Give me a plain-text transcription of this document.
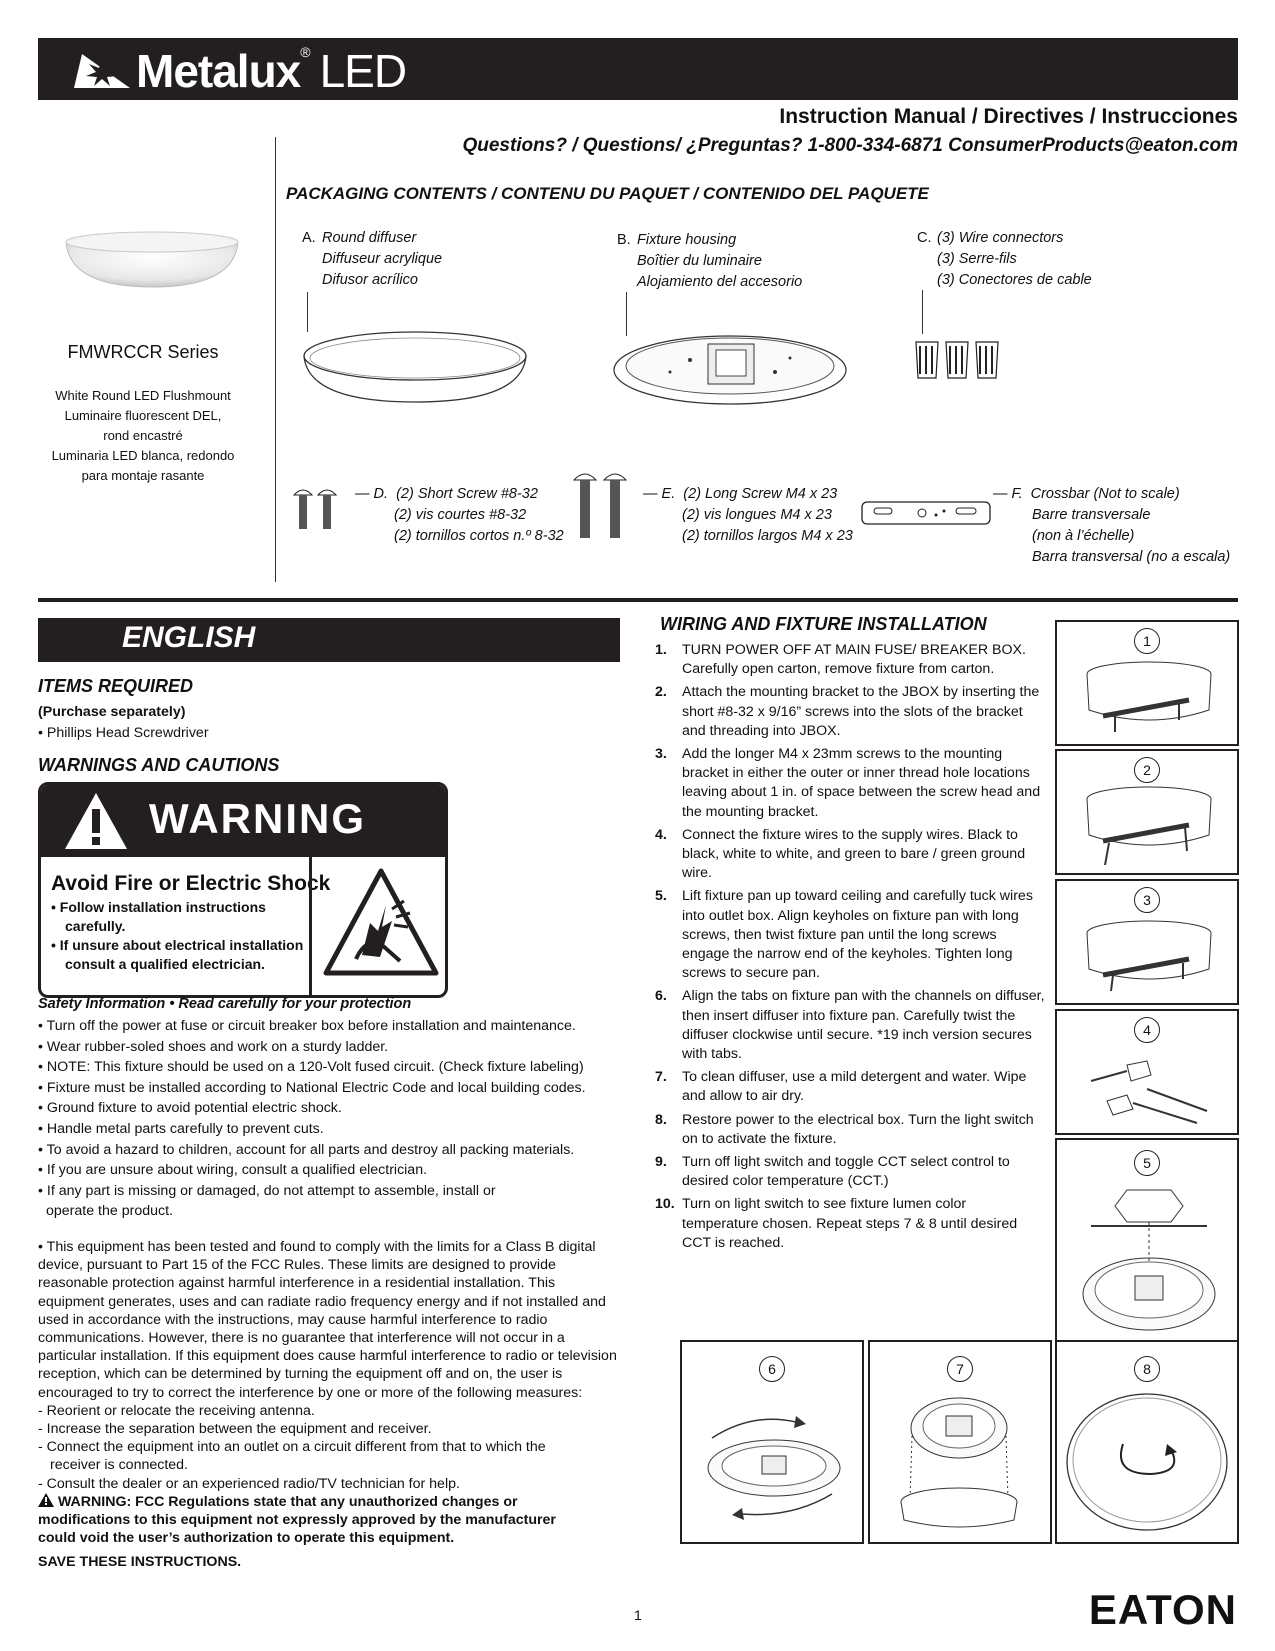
Metalux® LED
Instruction Manual / Directives / Instrucciones
Questions? / Questions/ ¿Preguntas? 1-800-334-6871 ConsumerProducts@eaton.com
FMWRCCR Series
White Round LED Flushmount
Luminaire fluorescent DEL,
rond encastré
Luminaria LED blanca, redondo
para montaje rasante
PACKAGING CONTENTS / CONTENU DU PAQUET / CONTENIDO DEL PAQUETE
A. Round diffuser
Diffuseur acrylique
Difusor acrílico
B. Fixture housing
Boîtier du luminaire
Alojamiento del accesorio
C. (3) Wire connectors
(3) Serre-fils
(3) Conectores de cable
— D. (2) Short Screw #8-32
(2) vis courtes #8-32
(2) tornillos cortos n.º 8-32
— E. (2) Long Screw M4 x 23
(2) vis longues M4 x 23
(2) tornillos largos M4 x 23
— F. Crossbar (Not to scale)
Barre transversale
(non à l’échelle)
Barra transversal (no a escala)
ENGLISH
ITEMS REQUIRED
(Purchase separately)
• Phillips Head Screwdriver
WARNINGS AND CAUTIONS
WARNING
Avoid Fire or Electric Shock
• Follow installation instructions
carefully.
• If unsure about electrical installation
consult a qualified electrician.
Safety Information • Read carefully for your protection
• Turn off the power at fuse or circuit breaker box before installation and maintenance.
• Wear rubber-soled shoes and work on a sturdy ladder.
• NOTE: This fixture should be used on a 120-Volt fused circuit. (Check fixture labeling)
• Fixture must be installed according to National Electric Code and local building codes.
• Ground fixture to avoid potential electric shock.
• Handle metal parts carefully to prevent cuts.
• To avoid a hazard to children, account for all parts and destroy all packing materials.
• If you are unsure about wiring, consult a qualified electrician.
• If any part is missing or damaged, do not attempt to assemble, install or
operate the product.
• This equipment has been tested and found to comply with the limits for a Class B digital device, pursuant to Part 15 of the FCC Rules. These limits are designed to provide reasonable protection against harmful interference in a residential installation. This equipment generates, uses and can radiate radio frequency energy and if not installed and used in accordance with the instructions, may cause harmful interference to radio communications. However, there is no guarantee that interference will not occur in a particular installation. If this equipment does cause harmful interference to radio or television reception, which can be determined by turning the equipment off and on, the user is encouraged to try to correct the interference by one or more of the following measures:
- Reorient or relocate the receiving antenna.
- Increase the separation between the equipment and receiver.
- Connect the equipment into an outlet on a circuit different from that to which the receiver is connected.
- Consult the dealer or an experienced radio/TV technician for help.
WARNING: FCC Regulations state that any unauthorized changes or modifications to this equipment not expressly approved by the manufacturer could void the user’s authorization to operate this equipment.
SAVE THESE INSTRUCTIONS.
WIRING AND FIXTURE INSTALLATION
1. TURN POWER OFF AT MAIN FUSE/ BREAKER BOX. Carefully open carton, remove fixture from carton.
2. Attach the mounting bracket to the JBOX by inserting the short #8-32 x 9/16” screws into the slots of the bracket and threading into JBOX.
3. Add the longer M4 x 23mm screws to the mounting bracket in either the outer or inner thread hole locations leaving about 1 in. of space between the screw head and the mounting bracket.
4. Connect the fixture wires to the supply wires. Black to black, white to white, and green to bare / green ground wire.
5. Lift fixture pan up toward ceiling and carefully tuck wires into outlet box. Align keyholes on fixture pan with long screws, then twist fixture pan until the long screws engage the narrow end of the keyholes. Tighten long screws to secure pan.
6. Align the tabs on fixture pan with the channels on diffuser, then insert diffuser into fixture pan. Carefully twist the diffuser clockwise until secure. *19 inch version secures with tabs.
7. To clean diffuser, use a mild detergent and water. Wipe and allow to air dry.
8. Restore power to the electrical box. Turn the light switch on to activate the fixture.
9. Turn off light switch and toggle CCT select control to desired color temperature (CCT.)
10. Turn on light switch to see fixture lumen color temperature chosen. Repeat steps 7 & 8 until desired CCT is reached.
1
2
3
4
5
6	7	8
1	EATON
